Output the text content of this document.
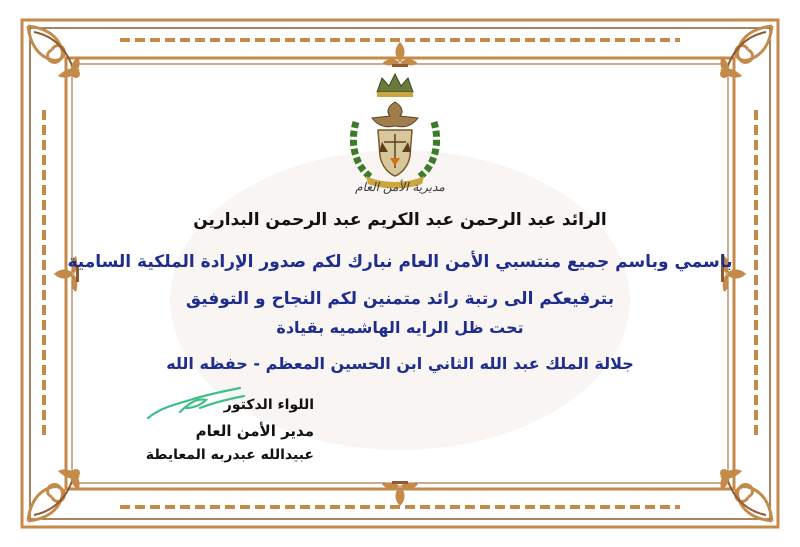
مديرية الأمن العام
الرائد عبد الرحمن عبد الكريم عبد الرحمن البدارين
باسمي وباسم جميع منتسبي الأمن العام نبارك لكم صدور الإرادة الملكية السامية
بترفيعكم الى رتبة رائد متمنين لكم النجاح و التوفيق
تحت ظل الرايه الهاشميه بقيادة
جلالة الملك عبد الله الثاني ابن الحسين المعظم - حفظه الله
اللواء الدكتور
مدير الأمن العام
عبيدالله عبدربه المعايطة
